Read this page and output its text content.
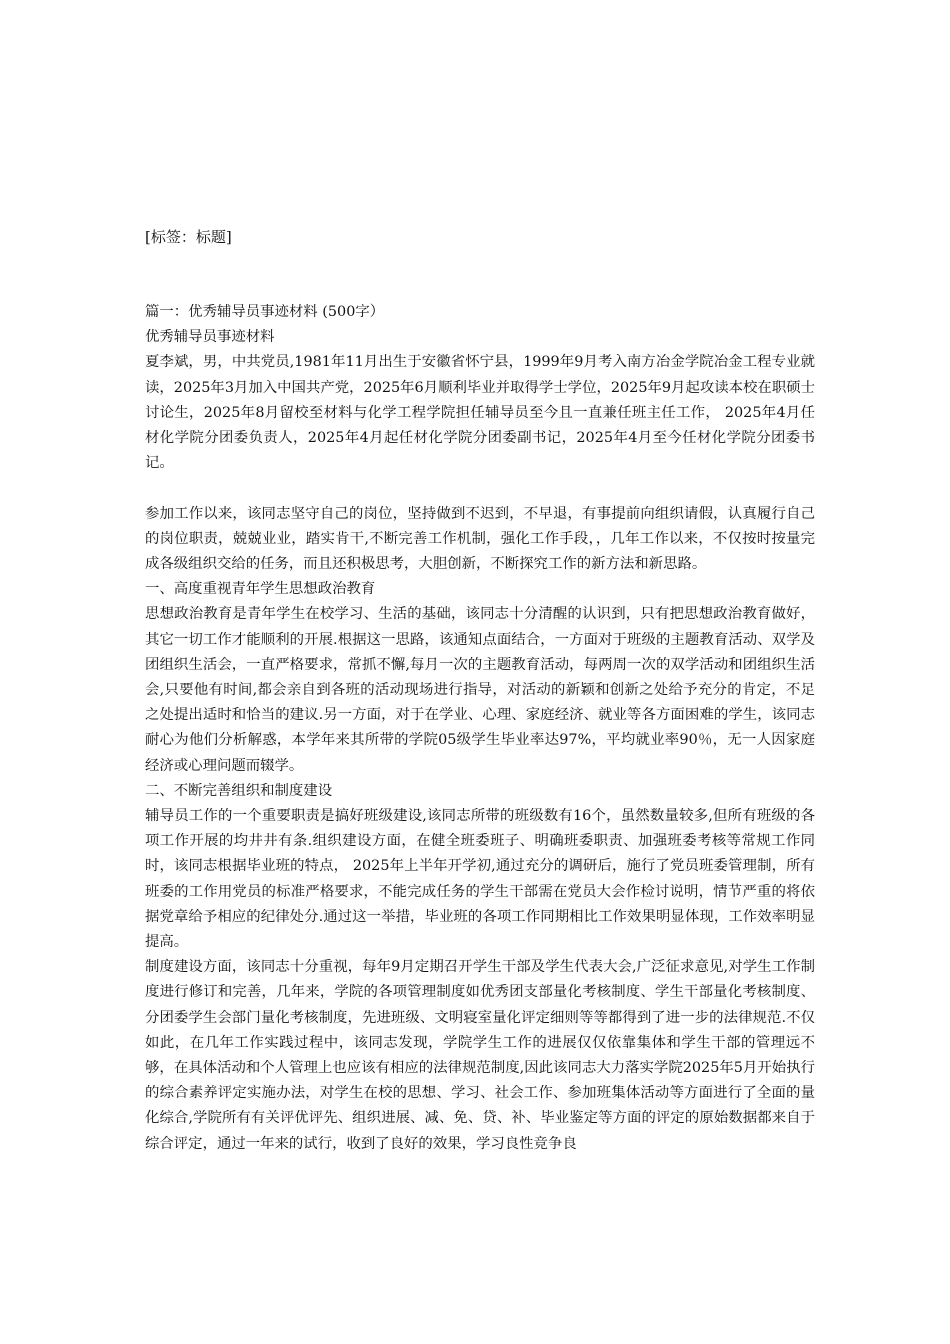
[标签：标题]

篇一：优秀辅导员事迹材料 (500字）

优秀辅导员事迹材料

夏李斌，男，中共党员,1981年11月出生于安徽省怀宁县，1999年9月考入南方冶金学院冶金工程专业就读，2025年3月加入中国共产党，2025年6月顺利毕业并取得学士学位，2025年9月起攻读本校在职硕士讨论生，2025年8月留校至材料与化学工程学院担任辅导员至今且一直兼任班主任工作， 2025年4月任材化学院分团委负责人，2025年4月起任材化学院分团委副书记，2025年4月至今任材化学院分团委书记。

参加工作以来，该同志坚守自己的岗位，坚持做到不迟到，不早退，有事提前向组织请假，认真履行自己的岗位职责，兢兢业业，踏实肯干,不断完善工作机制，强化工作手段，，几年工作以来，不仅按时按量完成各级组织交给的任务，而且还积极思考，大胆创新，不断探究工作的新方法和新思路。

一、高度重视青年学生思想政治教育

思想政治教育是青年学生在校学习、生活的基础，该同志十分清醒的认识到，只有把思想政治教育做好，其它一切工作才能顺利的开展.根据这一思路，该通知点面结合，一方面对于班级的主题教育活动、双学及团组织生活会，一直严格要求，常抓不懈,每月一次的主题教育活动，每两周一次的双学活动和团组织生活会,只要他有时间,都会亲自到各班的活动现场进行指导，对活动的新颖和创新之处给予充分的肯定，不足之处提出适时和恰当的建议.另一方面，对于在学业、心理、家庭经济、就业等各方面困难的学生，该同志耐心为他们分析解惑，本学年来其所带的学院05级学生毕业率达97%，平均就业率90％，无一人因家庭经济或心理问题而辍学。

二、不断完善组织和制度建设

辅导员工作的一个重要职责是搞好班级建设,该同志所带的班级数有16个，虽然数量较多,但所有班级的各项工作开展的均井井有条.组织建设方面，在健全班委班子、明确班委职责、加强班委考核等常规工作同时，该同志根据毕业班的特点， 2025年上半年开学初,通过充分的调研后，施行了党员班委管理制，所有班委的工作用党员的标准严格要求，不能完成任务的学生干部需在党员大会作检讨说明，情节严重的将依据党章给予相应的纪律处分.通过这一举措，毕业班的各项工作同期相比工作效果明显体现，工作效率明显提高。

制度建设方面，该同志十分重视，每年9月定期召开学生干部及学生代表大会,广泛征求意见,对学生工作制度进行修订和完善，几年来，学院的各项管理制度如优秀团支部量化考核制度、学生干部量化考核制度、分团委学生会部门量化考核制度，先进班级、文明寝室量化评定细则等等都得到了进一步的法律规范.不仅如此，在几年工作实践过程中，该同志发现，学院学生工作的进展仅仅依靠集体和学生干部的管理远不够，在具体活动和个人管理上也应该有相应的法律规范制度,因此该同志大力落实学院2025年5月开始执行的综合素养评定实施办法，对学生在校的思想、学习、社会工作、参加班集体活动等方面进行了全面的量化综合,学院所有有关评优评先、组织进展、减、免、贷、补、毕业鉴定等方面的评定的原始数据都来自于综合评定，通过一年来的试行，收到了良好的效果，学习良性竞争良
